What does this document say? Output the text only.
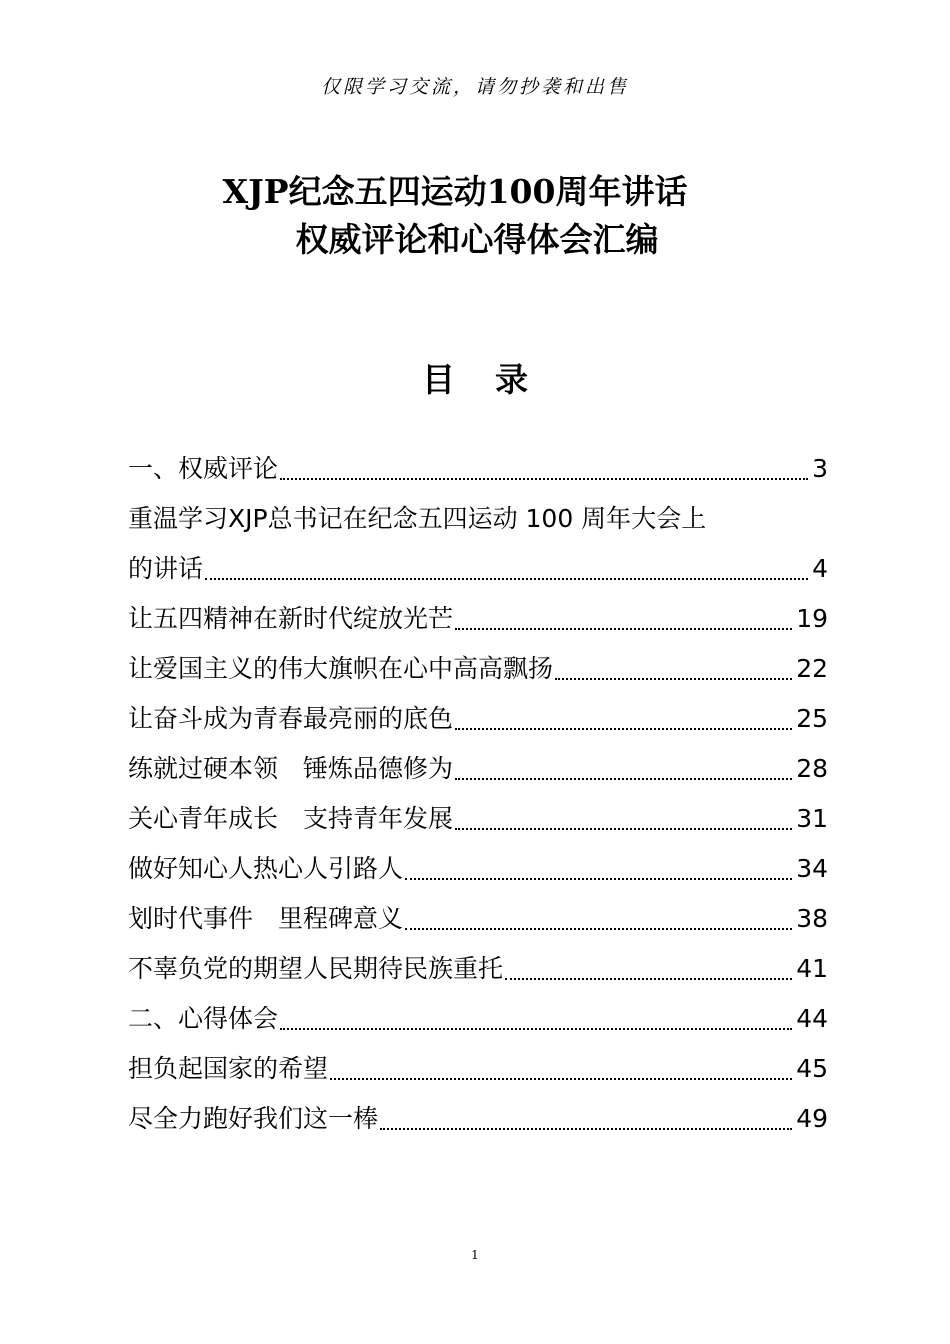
仅限学习交流，请勿抄袭和出售
XJP纪念五四运动100周年讲话
权威评论和心得体会汇编
目录
一、权威评论	3
重温学习XJP总书记在纪念五四运动 100 周年大会上
的讲话	4
让五四精神在新时代绽放光芒	19
让爱国主义的伟大旗帜在心中高高飘扬	22
让奋斗成为青春最亮丽的底色	25
练就过硬本领　锤炼品德修为	28
关心青年成长　支持青年发展	31
做好知心人热心人引路人	34
划时代事件　里程碑意义	38
不辜负党的期望人民期待民族重托	41
二、心得体会	44
担负起国家的希望	45
尽全力跑好我们这一棒	49
1
